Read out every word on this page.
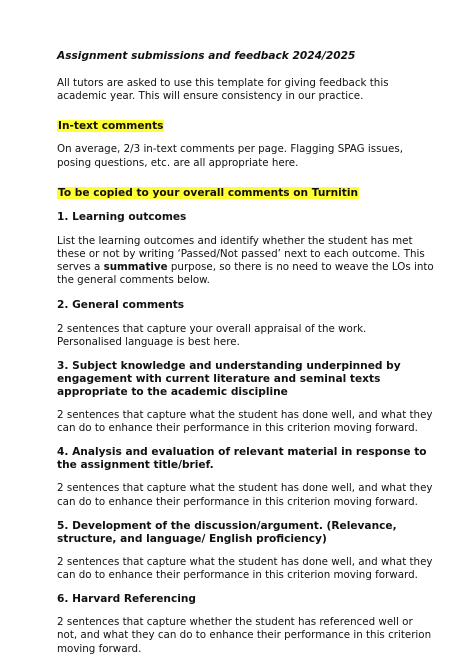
Assignment submissions and feedback 2024/2025

All tutors are asked to use this template for giving feedback this academic year. This will ensure consistency in our practice.

In-text comments

On average, 2/3 in-text comments per page. Flagging SPAG issues, posing questions, etc. are all appropriate here.

To be copied to your overall comments on Turnitin
1. Learning outcomes

List the learning outcomes and identify whether the student has met these or not by writing ‘Passed/Not passed’ next to each outcome. This serves a summative purpose, so there is no need to weave the LOs into the general comments below.

2. General comments

2 sentences that capture your overall appraisal of the work. Personalised language is best here.

3. Subject knowledge and understanding underpinned by engagement with current literature and seminal texts appropriate to the academic discipline

2 sentences that capture what the student has done well, and what they can do to enhance their performance in this criterion moving forward.

4. Analysis and evaluation of relevant material in response to the assignment title/brief.

2 sentences that capture what the student has done well, and what they can do to enhance their performance in this criterion moving forward.

5. Development of the discussion/argument. (Relevance, structure, and language/ English proficiency)

2 sentences that capture what the student has done well, and what they can do to enhance their performance in this criterion moving forward.

6. Harvard Referencing

2 sentences that capture whether the student has referenced well or not, and what they can do to enhance their performance in this criterion moving forward.
